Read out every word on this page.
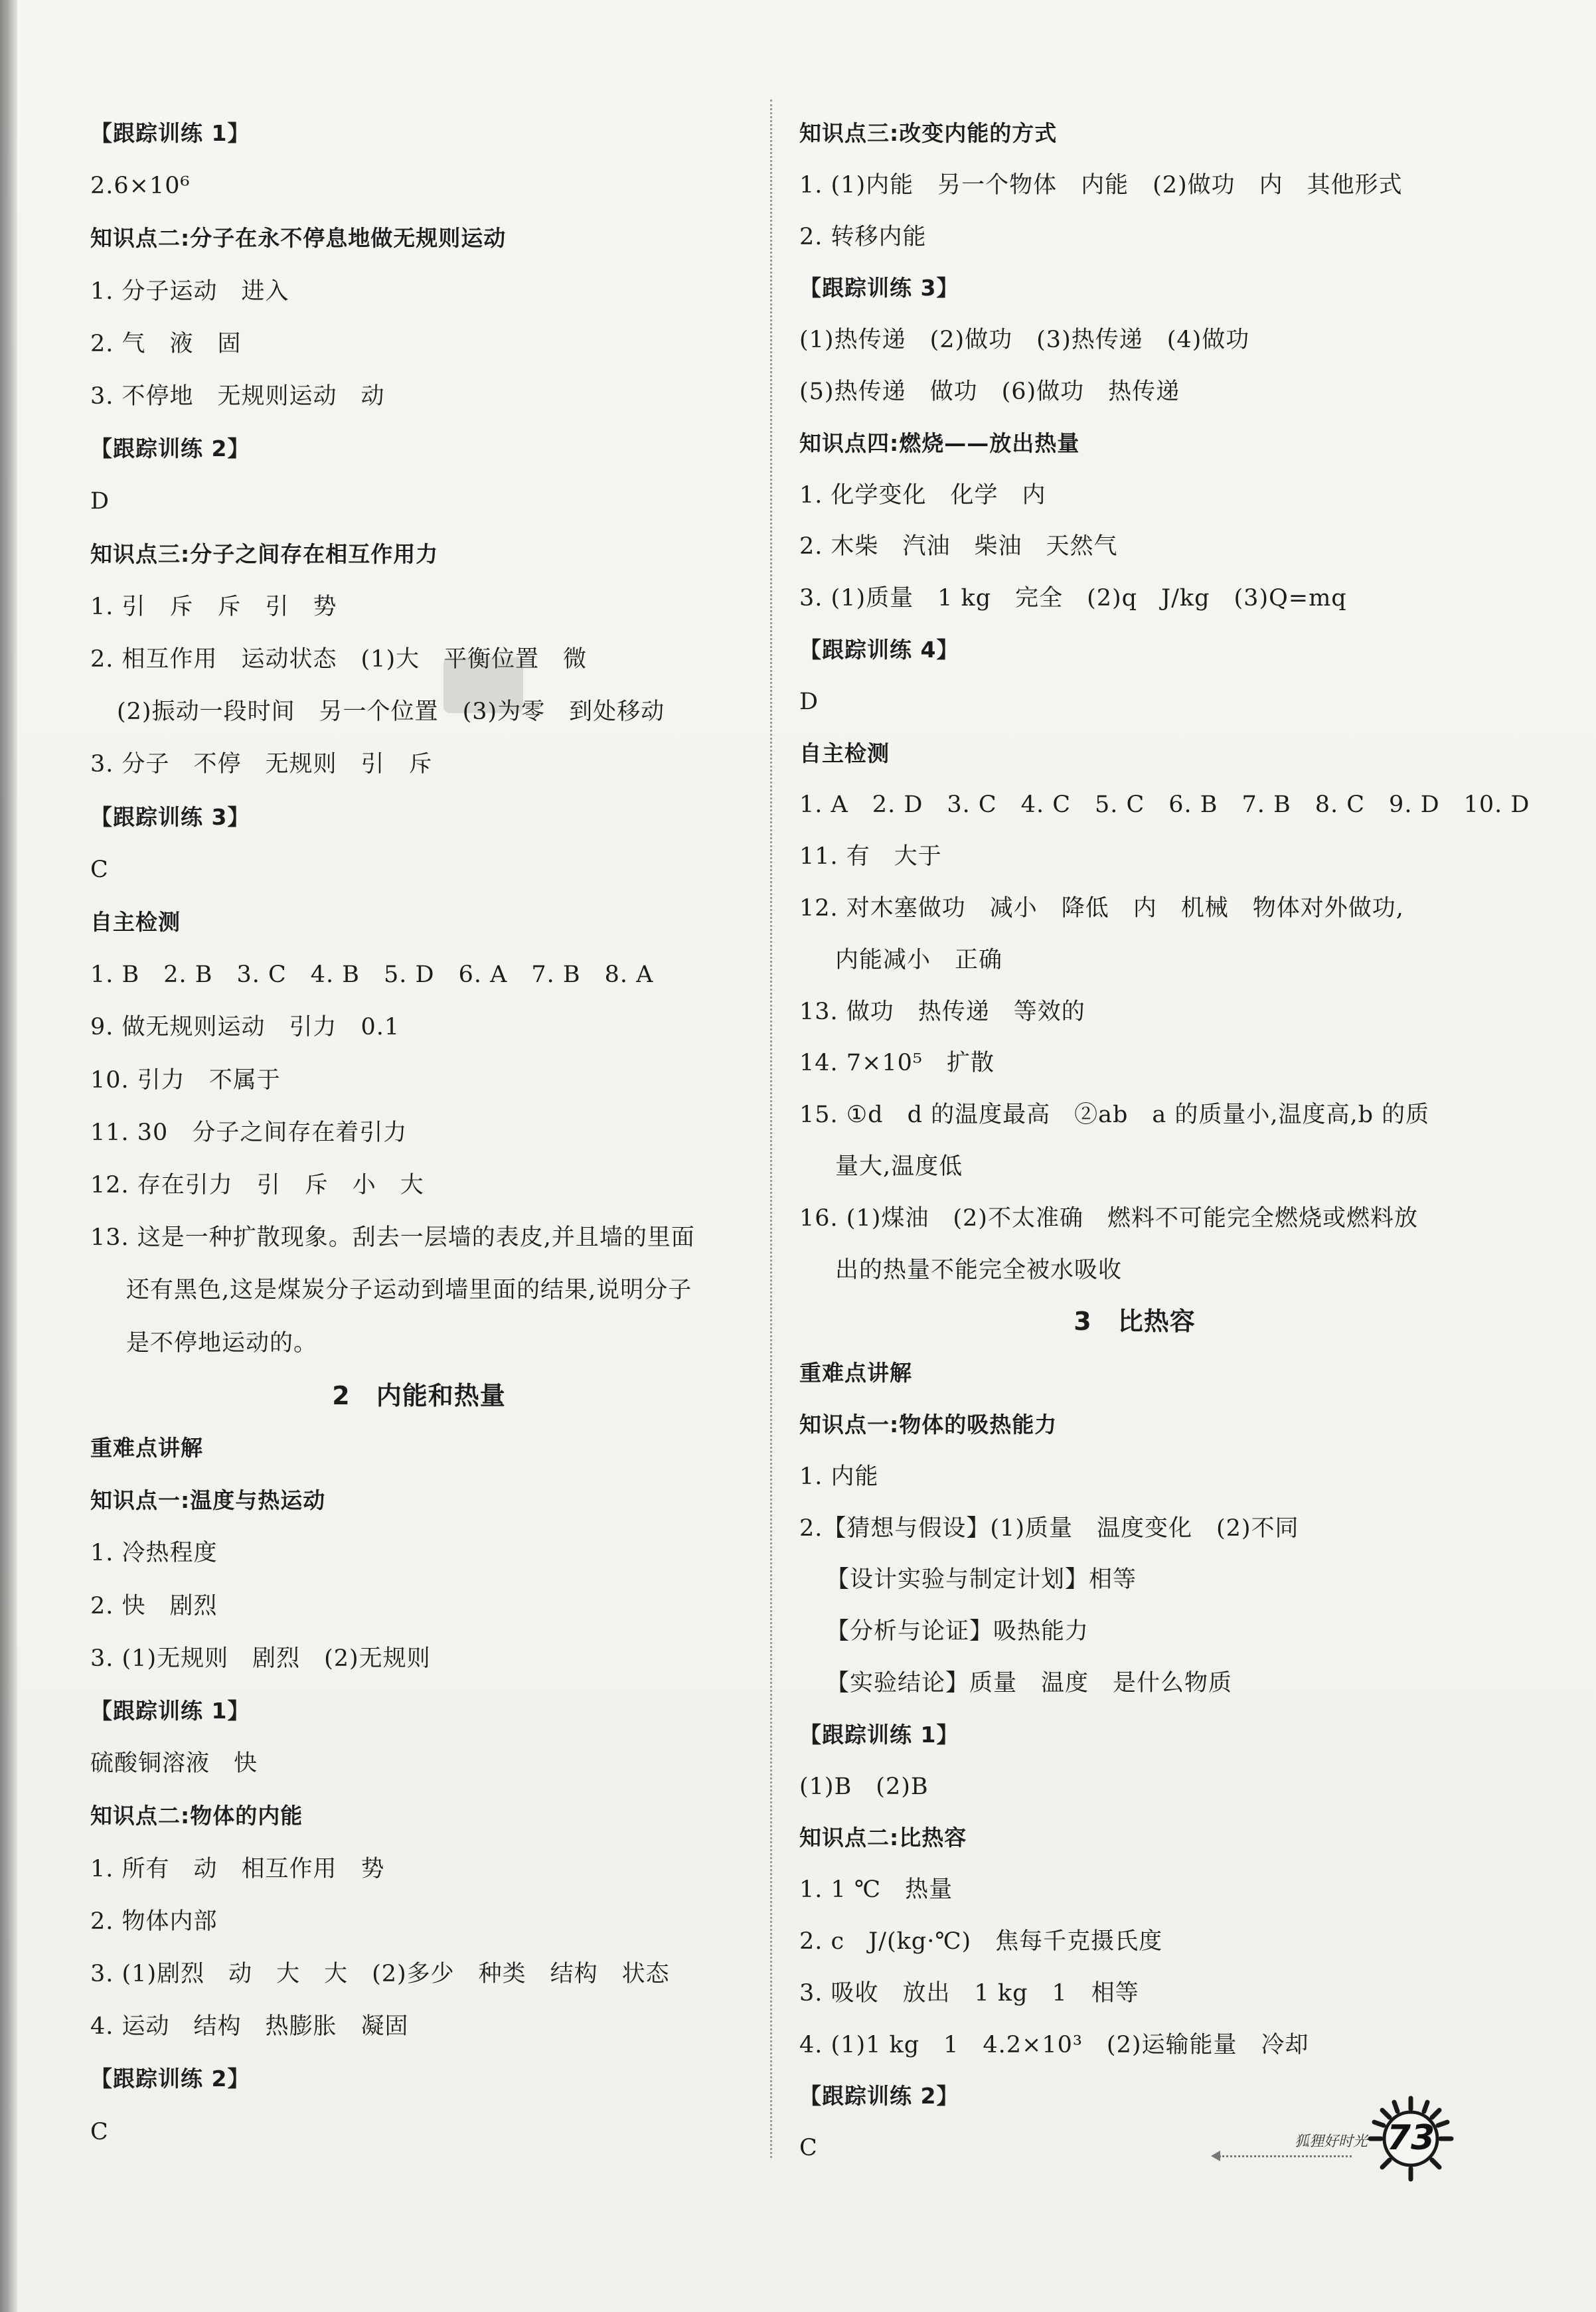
【跟踪训练 1】
2.6×10⁶
知识点二:分子在永不停息地做无规则运动
1. 分子运动　进入
2. 气　液　固
3. 不停地　无规则运动　动
【跟踪训练 2】
D
知识点三:分子之间存在相互作用力
1. 引　斥　斥　引　势
2. 相互作用　运动状态　(1)大　平衡位置　微
(2)振动一段时间　另一个位置　(3)为零　到处移动
3. 分子　不停　无规则　引　斥
【跟踪训练 3】
C
自主检测
1. B　2. B　3. C　4. B　5. D　6. A　7. B　8. A
9. 做无规则运动　引力　0.1
10. 引力　不属于
11. 30　分子之间存在着引力
12. 存在引力　引　斥　小　大
13. 这是一种扩散现象。刮去一层墙的表皮,并且墙的里面
还有黑色,这是煤炭分子运动到墙里面的结果,说明分子
是不停地运动的。
2　内能和热量
重难点讲解
知识点一:温度与热运动
1. 冷热程度
2. 快　剧烈
3. (1)无规则　剧烈　(2)无规则
【跟踪训练 1】
硫酸铜溶液　快
知识点二:物体的内能
1. 所有　动　相互作用　势
2. 物体内部
3. (1)剧烈　动　大　大　(2)多少　种类　结构　状态
4. 运动　结构　热膨胀　凝固
【跟踪训练 2】
C
知识点三:改变内能的方式
1. (1)内能　另一个物体　内能　(2)做功　内　其他形式
2. 转移内能
【跟踪训练 3】
(1)热传递　(2)做功　(3)热传递　(4)做功
(5)热传递　做功　(6)做功　热传递
知识点四:燃烧——放出热量
1. 化学变化　化学　内
2. 木柴　汽油　柴油　天然气
3. (1)质量　1 kg　完全　(2)q　J/kg　(3)Q=mq
【跟踪训练 4】
D
自主检测
1. A　2. D　3. C　4. C　5. C　6. B　7. B　8. C　9. D　10. D
11. 有　大于
12. 对木塞做功　减小　降低　内　机械　物体对外做功,
内能减小　正确
13. 做功　热传递　等效的
14. 7×10⁵　扩散
15. ①d　d 的温度最高　②ab　a 的质量小,温度高,b 的质
量大,温度低
16. (1)煤油　(2)不太准确　燃料不可能完全燃烧或燃料放
出的热量不能完全被水吸收
3　比热容
重难点讲解
知识点一:物体的吸热能力
1. 内能
2.【猜想与假设】(1)质量　温度变化　(2)不同
【设计实验与制定计划】相等
【分析与论证】吸热能力
【实验结论】质量　温度　是什么物质
【跟踪训练 1】
(1)B　(2)B
知识点二:比热容
1. 1 ℃　热量
2. c　J/(kg·℃)　焦每千克摄氏度
3. 吸收　放出　1 kg　1　相等
4. (1)1 kg　1　4.2×10³　(2)运输能量　冷却
【跟踪训练 2】
C	狐狸好时光 73
